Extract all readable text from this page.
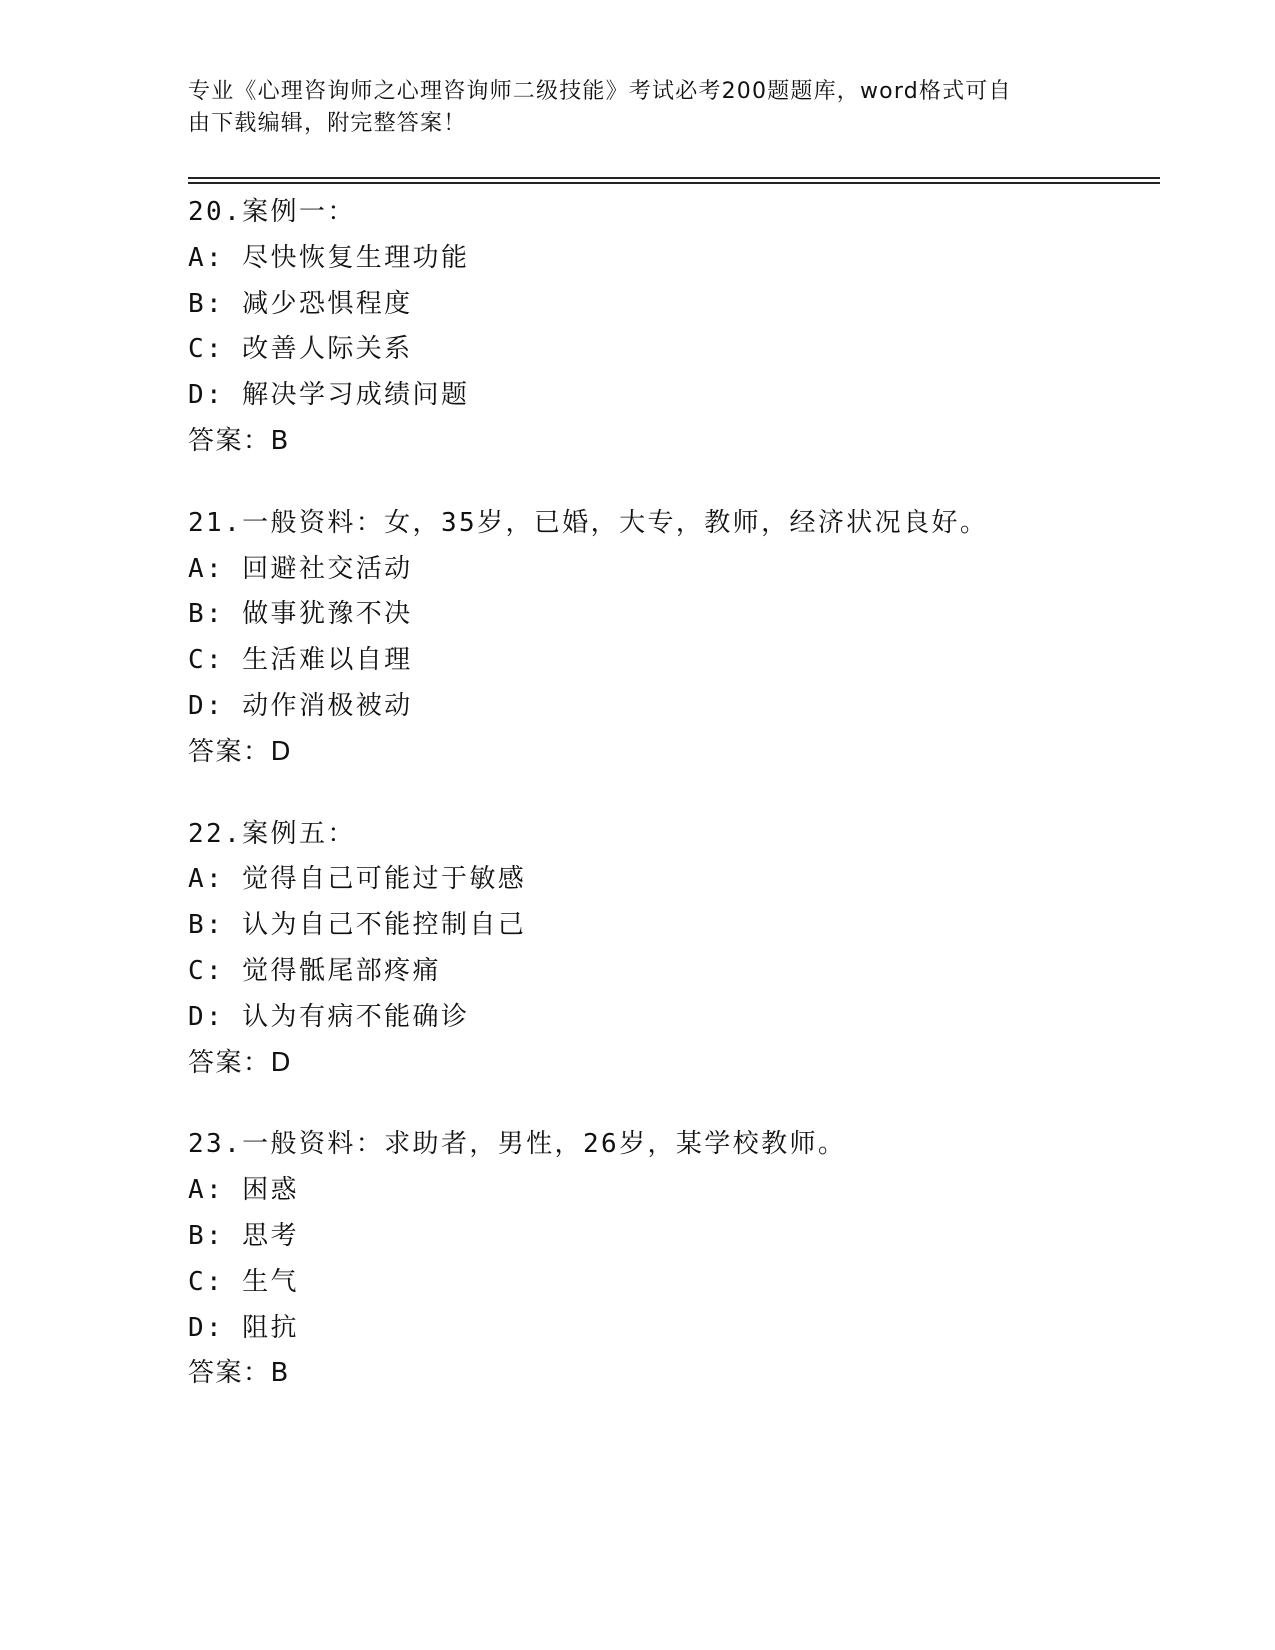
专业《心理咨询师之心理咨询师二级技能》考试必考200题题库，word格式可自
由下载编辑，附完整答案！
20.案例一：
A: 尽快恢复生理功能
B: 减少恐惧程度
C: 改善人际关系
D: 解决学习成绩问题
答案：B
21.一般资料：女，35岁，已婚，大专，教师，经济状况良好。
A: 回避社交活动
B: 做事犹豫不决
C: 生活难以自理
D: 动作消极被动
答案：D
22.案例五：
A: 觉得自己可能过于敏感
B: 认为自己不能控制自己
C: 觉得骶尾部疼痛
D: 认为有病不能确诊
答案：D
23.一般资料：求助者，男性，26岁，某学校教师。
A: 困惑
B: 思考
C: 生气
D: 阻抗
答案：B
